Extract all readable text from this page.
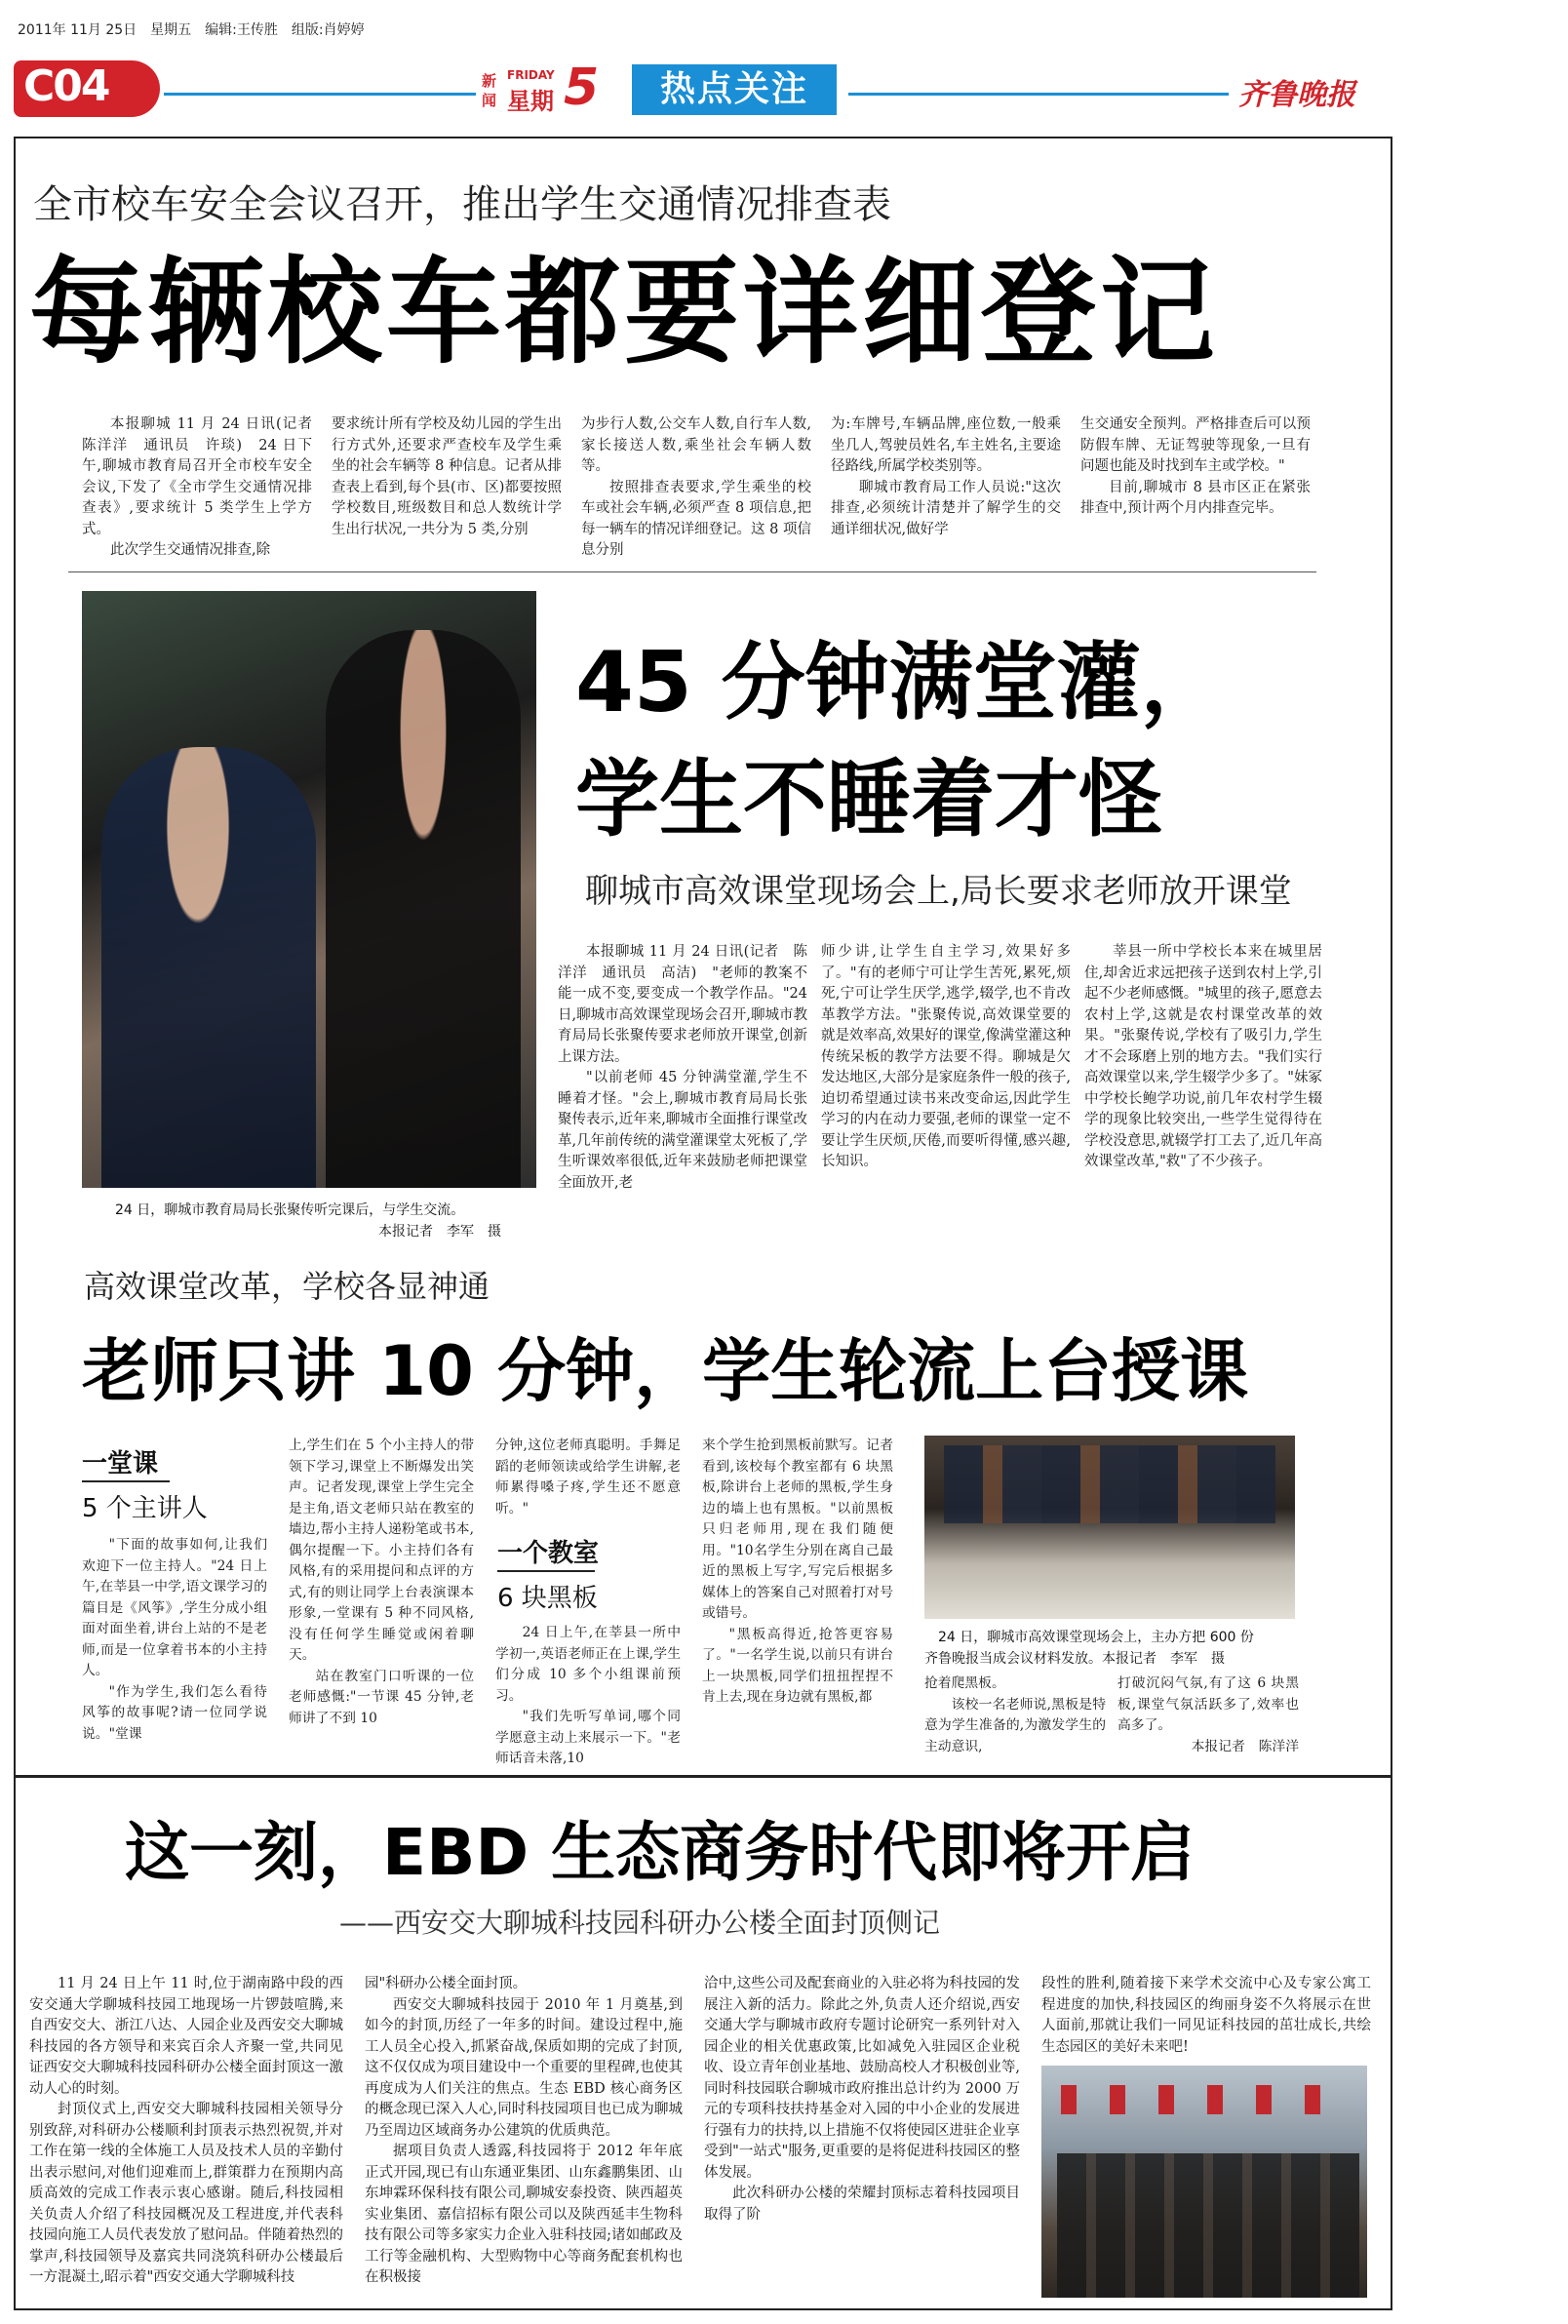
2011年 11月 25日　星期五　编辑:王传胜　组版:肖婷婷
C04	新
闻
FRIDAY
星期 5	热点关注	齐鲁晚报
全市校车安全会议召开，推出学生交通情况排查表
每辆校车都要详细登记

本报聊城 11 月 24 日讯(记者　陈洋洋　通讯员　许琰)　24 日下午,聊城市教育局召开全市校车安全会议,下发了《全市学生交通情况排查表》,要求统计 5 类学生上学方式。

此次学生交通情况排查,除

要求统计所有学校及幼儿园的学生出行方式外,还要求严查校车及学生乘坐的社会车辆等 8 种信息。记者从排查表上看到,每个县(市、区)都要按照学校数目,班级数目和总人数统计学生出行状况,一共分为 5 类,分别

为步行人数,公交车人数,自行车人数,家长接送人数,乘坐社会车辆人数等。

按照排查表要求,学生乘坐的校车或社会车辆,必须严查 8 项信息,把每一辆车的情况详细登记。这 8 项信息分别

为:车牌号,车辆品牌,座位数,一般乘坐几人,驾驶员姓名,车主姓名,主要途径路线,所属学校类别等。

聊城市教育局工作人员说:"这次排查,必须统计清楚并了解学生的交通详细状况,做好学

生交通安全预判。严格排查后可以预防假车牌、无证驾驶等现象,一旦有问题也能及时找到车主或学校。"

目前,聊城市 8 县市区正在紧张排查中,预计两个月内排查完毕。

24 日，聊城市教育局局长张聚传听完课后，与学生交流。
本报记者　李军　摄
45 分钟满堂灌，
学生不睡着才怪
聊城市高效课堂现场会上,局长要求老师放开课堂

本报聊城 11 月 24 日讯(记者　陈洋洋　通讯员　高洁)　"老师的教案不能一成不变,要变成一个教学作品。"24 日,聊城市高效课堂现场会召开,聊城市教育局局长张聚传要求老师放开课堂,创新上课方法。

"以前老师 45 分钟满堂灌,学生不睡着才怪。"会上,聊城市教育局局长张聚传表示,近年来,聊城市全面推行课堂改革,几年前传统的满堂灌课堂太死板了,学生听课效率很低,近年来鼓励老师把课堂全面放开,老

师少讲,让学生自主学习,效果好多了。"有的老师宁可让学生苦死,累死,烦死,宁可让学生厌学,逃学,辍学,也不肯改革教学方法。"张聚传说,高效课堂要的就是效率高,效果好的课堂,像满堂灌这种传统呆板的教学方法要不得。聊城是欠发达地区,大部分是家庭条件一般的孩子,迫切希望通过读书来改变命运,因此学生学习的内在动力要强,老师的课堂一定不要让学生厌烦,厌倦,而要听得懂,感兴趣,长知识。

莘县一所中学校长本来在城里居住,却舍近求远把孩子送到农村上学,引起不少老师感慨。"城里的孩子,愿意去农村上学,这就是农村课堂改革的效果。"张聚传说,学校有了吸引力,学生才不会琢磨上别的地方去。"我们实行高效课堂以来,学生辍学少多了。"妹冢中学校长鲍学功说,前几年农村学生辍学的现象比较突出,一些学生觉得待在学校没意思,就辍学打工去了,近几年高效课堂改革,"救"了不少孩子。

高效课堂改革，学校各显神通
老师只讲 10 分钟，学生轮流上台授课
一堂课
5 个主讲人

"下面的故事如何,让我们欢迎下一位主持人。"24 日上午,在莘县一中学,语文课学习的篇目是《风筝》,学生分成小组面对面坐着,讲台上站的不是老师,而是一位拿着书本的小主持人。

"作为学生,我们怎么看待风筝的故事呢?请一位同学说说。"堂课

上,学生们在 5 个小主持人的带领下学习,课堂上不断爆发出笑声。记者发现,课堂上学生完全是主角,语文老师只站在教室的墙边,帮小主持人递粉笔或书本,偶尔提醒一下。小主持们各有风格,有的采用提问和点评的方式,有的则让同学上台表演课本形象,一堂课有 5 种不同风格,没有任何学生睡觉或闲着聊天。

站在教室门口听课的一位老师感慨:"一节课 45 分钟,老师讲了不到 10

分钟,这位老师真聪明。手舞足蹈的老师领读或给学生讲解,老师累得嗓子疼,学生还不愿意听。"

一个教室
6 块黑板

24 日上午,在莘县一所中学初一,英语老师正在上课,学生们分成 10 多个小组课前预习。

"我们先听写单词,哪个同学愿意主动上来展示一下。"老师话音未落,10

来个学生抢到黑板前默写。记者看到,该校每个教室都有 6 块黑板,除讲台上老师的黑板,学生身边的墙上也有黑板。"以前黑板只归老师用,现在我们随便用。"10名学生分别在离自己最近的黑板上写字,写完后根据多媒体上的答案自己对照着打对号或错号。

"黑板高得近,抢答更容易了。"一名学生说,以前只有讲台上一块黑板,同学们扭扭捏捏不肯上去,现在身边就有黑板,都

24 日，聊城市高效课堂现场会上，主办方把 600 份
齐鲁晚报当成会议材料发放。本报记者　李军　摄

抢着爬黑板。

该校一名老师说,黑板是特意为学生准备的,为激发学生的主动意识,

打破沉闷气氛,有了这 6 块黑板,课堂气氛活跃多了,效率也高多了。

本报记者　陈洋洋

这一刻，EBD 生态商务时代即将开启
——西安交大聊城科技园科研办公楼全面封顶侧记

11 月 24 日上午 11 时,位于湖南路中段的西安交通大学聊城科技园工地现场一片锣鼓喧腾,来自西安交大、浙江八达、人园企业及西安交大聊城科技园的各方领导和来宾百余人齐聚一堂,共同见证西安交大聊城科技园科研办公楼全面封顶这一激动人心的时刻。

封顶仪式上,西安交大聊城科技园相关领导分别致辞,对科研办公楼顺利封顶表示热烈祝贺,并对工作在第一线的全体施工人员及技术人员的辛勤付出表示慰问,对他们迎难而上,群策群力在预期内高质高效的完成工作表示衷心感谢。随后,科技园相关负责人介绍了科技园概况及工程进度,并代表科技园向施工人员代表发放了慰问品。伴随着热烈的掌声,科技园领导及嘉宾共同浇筑科研办公楼最后一方混凝土,昭示着"西安交通大学聊城科技

园"科研办公楼全面封顶。

西安交大聊城科技园于 2010 年 1 月奠基,到如今的封顶,历经了一年多的时间。建设过程中,施工人员全心投入,抓紧奋战,保质如期的完成了封顶,这不仅仅成为项目建设中一个重要的里程碑,也使其再度成为人们关注的焦点。生态 EBD 核心商务区的概念现已深入人心,同时科技园项目也已成为聊城乃至周边区域商务办公建筑的优质典范。

据项目负责人透露,科技园将于 2012 年年底正式开园,现已有山东通亚集团、山东鑫鹏集团、山东坤霖环保科技有限公司,聊城安泰投资、陕西超英实业集团、嘉信招标有限公司以及陕西延丰生物科技有限公司等多家实力企业入驻科技园;诸如邮政及工行等金融机构、大型购物中心等商务配套机构也在积极接

洽中,这些公司及配套商业的入驻必将为科技园的发展注入新的活力。除此之外,负责人还介绍说,西安交通大学与聊城市政府专题讨论研究一系列针对入园企业的相关优惠政策,比如减免入驻园区企业税收、设立青年创业基地、鼓励高校人才积极创业等,同时科技园联合聊城市政府推出总计约为 2000 万元的专项科技扶持基金对入园的中小企业的发展进行强有力的扶持,以上措施不仅将使园区进驻企业享受到"一站式"服务,更重要的是将促进科技园区的整体发展。

此次科研办公楼的荣耀封顶标志着科技园项目取得了阶

段性的胜利,随着接下来学术交流中心及专家公寓工程进度的加快,科技园区的绚丽身姿不久将展示在世人面前,那就让我们一同见证科技园的茁壮成长,共绘生态园区的美好未来吧!
